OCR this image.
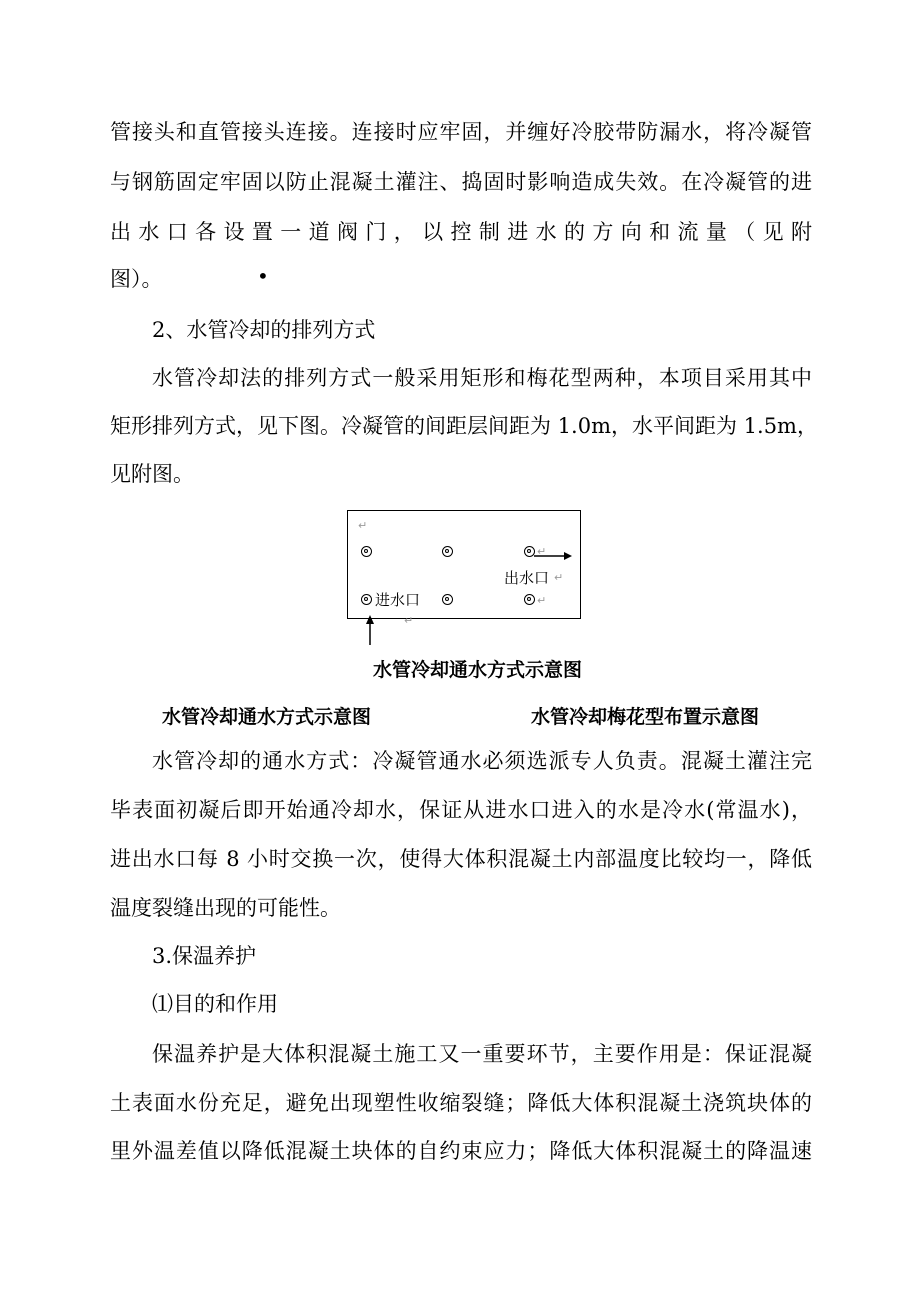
管接头和直管接头连接。连接时应牢固，并缠好冷胶带防漏水，将冷凝管
与钢筋固定牢固以防止混凝土灌注、捣固时影响造成失效。在冷凝管的进
出水口各设置一道阀门，以控制进水的方向和流量（见附
图）。	•
2、水管冷却的排列方式
水管冷却法的排列方式一般采用矩形和梅花型两种，本项目采用其中
矩形排列方式，见下图。冷凝管的间距层间距为 1.0m，水平间距为 1.5m，
见附图。
↵
↵
出水口 ↵
进水口	↵
↵
水管冷却通水方式示意图
水管冷却通水方式示意图	水管冷却梅花型布置示意图
水管冷却的通水方式：冷凝管通水必须选派专人负责。混凝土灌注完
毕表面初凝后即开始通冷却水，保证从进水口进入的水是冷水(常温水)，
进出水口每 8 小时交换一次，使得大体积混凝土内部温度比较均一，降低
温度裂缝出现的可能性。
3.保温养护
⑴目的和作用
保温养护是大体积混凝土施工又一重要环节，主要作用是：保证混凝
土表面水份充足，避免出现塑性收缩裂缝；降低大体积混凝土浇筑块体的
里外温差值以降低混凝土块体的自约束应力；降低大体积混凝土的降温速
